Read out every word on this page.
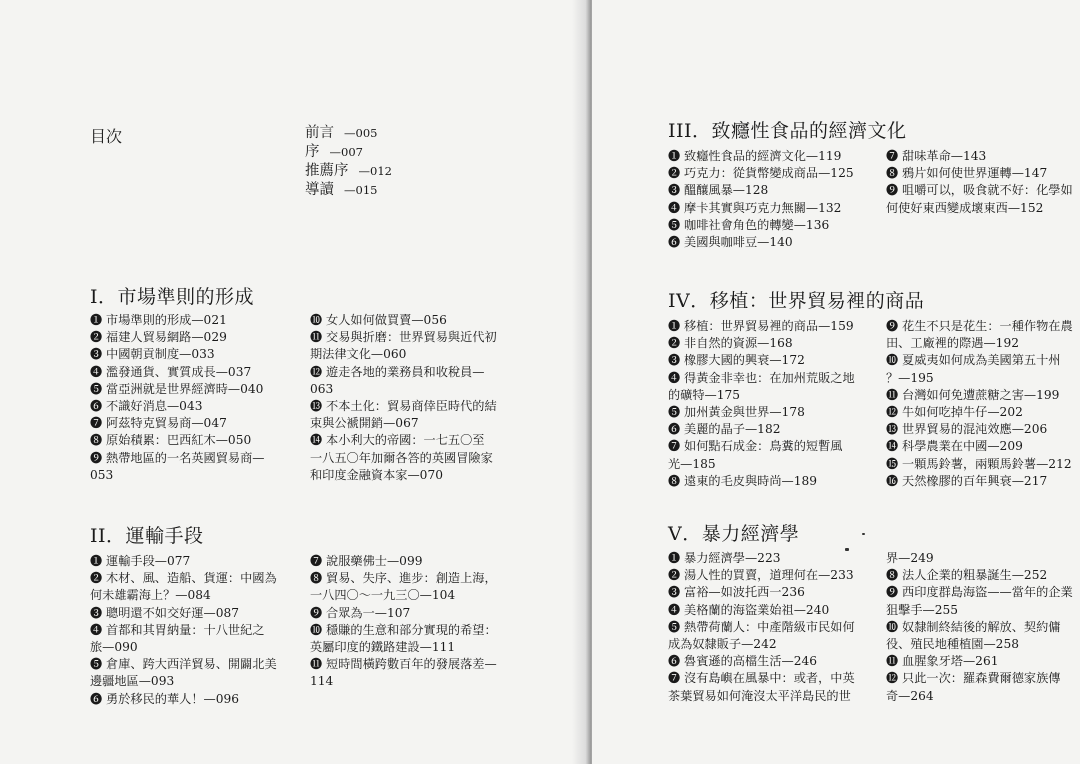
目次	前言 —005
序 —007
推薦序 —012
導讀 —015
I．市場準則的形成
❶ 市場準則的形成—021
❷ 福建人貿易網路—029
❸ 中國朝貢制度—033
❹ 濫發通貨、實質成長—037
❺ 當亞洲就是世界經濟時—040
❻ 不識好消息—043
❼ 阿茲特克貿易商—047
❽ 原始積累：巴西紅木—050
❾ 熱帶地區的一名英國貿易商—
053
❿ 女人如何做買賣—056
⓫ 交易與折磨：世界貿易與近代初
期法律文化—060
⓬ 遊走各地的業務員和收稅員—
063
⓭ 不本土化：貿易商倖臣時代的結
束與公褫開銷—067
⓮ 本小利大的帝國：一七五〇至
一八五〇年加爾各答的英國冒險家
和印度金融資本家—070
II．運輸手段
❶ 運輸手段—077
❷ 木材、風、造船、貨運：中國為
何未雄霸海上？—084
❸ 聰明還不如交好運—087
❹ 首都和其胃納量：十八世紀之
旅—090
❺ 倉庫、跨大西洋貿易、開闢北美
邊疆地區—093
❻ 勇於移民的華人！—096
❼ 說服藥佛士—099
❽ 貿易、失序、進步：創造上海，
一八四〇～一九三〇—104
❾ 合眾為一—107
❿ 穩賺的生意和部分實現的希望：
英屬印度的鐵路建設—111
⓫ 短時間橫跨數百年的發展落差—
114
III．致癮性食品的經濟文化
❶ 致癮性食品的經濟文化—119
❷ 巧克力：從貨幣變成商品—125
❸ 醞釀風暴—128
❹ 摩卡其實與巧克力無關—132
❺ 咖啡社會角色的轉變—136
❻ 美國與咖啡豆—140
❼ 甜味革命—143
❽ 鴉片如何使世界運轉—147
❾ 咀嚼可以，吸食就不好：化學如
何使好東西變成壞東西—152
IV．移植：世界貿易裡的商品
❶ 移植：世界貿易裡的商品—159
❷ 非自然的資源—168
❸ 橡膠大國的興衰—172
❹ 得黃金非幸也：在加州荒販之地
的礦特—175
❺ 加州黃金與世界—178
❻ 美麗的晶子—182
❼ 如何點石成金：鳥糞的短暫風
光—185
❽ 遠東的毛皮與時尚—189
❾ 花生不只是花生：一種作物在農
田、工廠裡的際遇—192
❿ 夏威夷如何成為美國第五十州
？—195
⓫ 台灣如何免遭蔗糖之害—199
⓬ 牛如何吃掉牛仔—202
⓭ 世界貿易的混沌效應—206
⓮ 科學農業在中國—209
⓯ 一顆馬鈴薯，兩顆馬鈴薯—212
⓰ 天然橡膠的百年興衰—217
V．暴力經濟學
❶ 暴力經濟學—223
❷ 湯人性的買賣，道理何在—233
❸ 富裕—如波托西一236
❹ 美格蘭的海盜業始祖—240
❺ 熱帶荷蘭人：中產階級市民如何
成為奴隸販子—242
❻ 魯賓遜的高檔生活—246
❼ 沒有島嶼在風暴中：或者，中英
茶葉貿易如何淹沒太平洋島民的世
界—249
❽ 法人企業的粗暴誕生—252
❾ 西印度群島海盜——當年的企業
狙擊手—255
❿ 奴隸制終結後的解放、契約傭
役、殖民地種植園—258
⓫ 血腥象牙塔—261
⓬ 只此一次：羅森費爾德家族傳
奇—264
